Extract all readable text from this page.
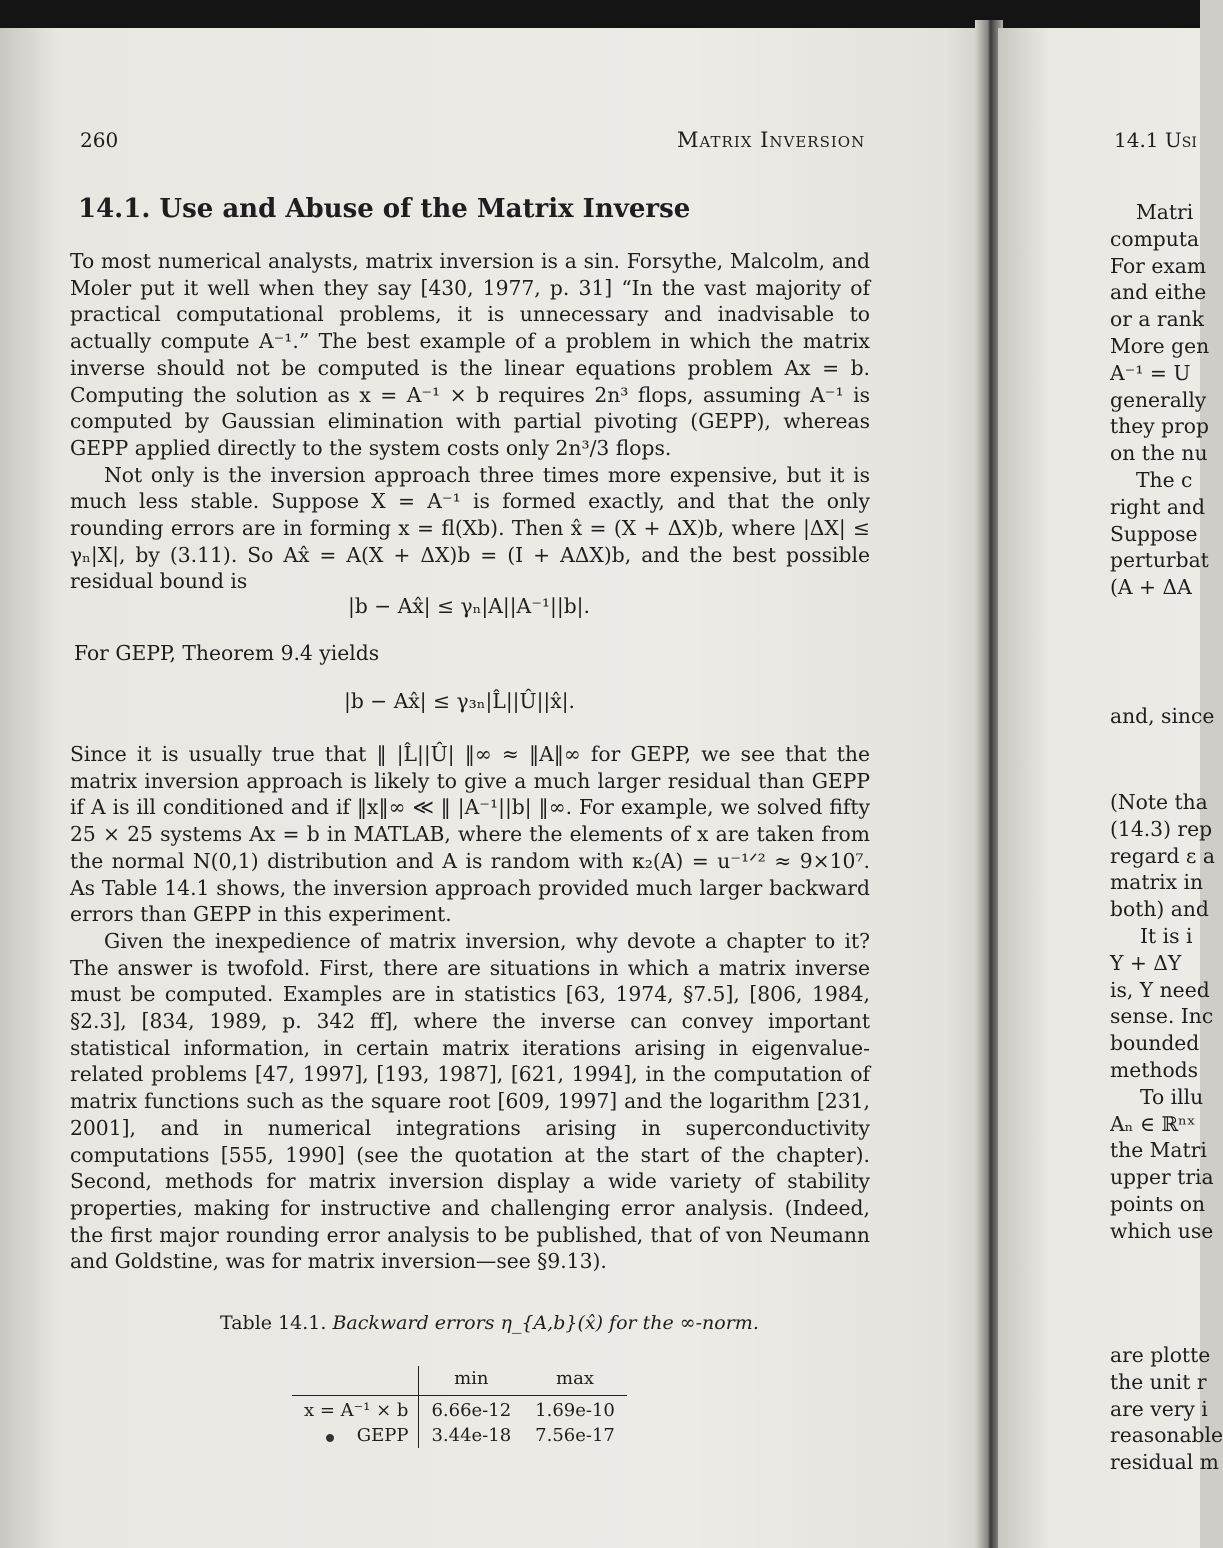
260	Matrix Inversion
14.1. Use and Abuse of the Matrix Inverse

To most numerical analysts, matrix inversion is a sin. Forsythe, Malcolm, and Moler put it well when they say [430, 1977, p. 31] “In the vast majority of practical computational problems, it is unnecessary and inadvisable to actually compute A⁻¹.” The best example of a problem in which the matrix inverse should not be computed is the linear equations problem Ax = b. Computing the solution as x = A⁻¹ × b requires 2n³ flops, assuming A⁻¹ is computed by Gaussian elimination with partial pivoting (GEPP), whereas GEPP applied directly to the system costs only 2n³/3 flops.

Not only is the inversion approach three times more expensive, but it is much less stable. Suppose X = A⁻¹ is formed exactly, and that the only rounding errors are in forming x = fl(Xb). Then x̂ = (X + ΔX)b, where |ΔX| ≤ γₙ|X|, by (3.11). So Ax̂ = A(X + ΔX)b = (I + AΔX)b, and the best possible residual bound is

|b − Ax̂| ≤ γₙ|A||A⁻¹||b|.
For GEPP, Theorem 9.4 yields
|b − Ax̂| ≤ γ₃ₙ|L̂||Û||x̂|.

Since it is usually true that ‖ |L̂||Û| ‖∞ ≈ ‖A‖∞ for GEPP, we see that the matrix inversion approach is likely to give a much larger residual than GEPP if A is ill conditioned and if ‖x‖∞ ≪ ‖ |A⁻¹||b| ‖∞. For example, we solved fifty 25 × 25 systems Ax = b in MATLAB, where the elements of x are taken from the normal N(0,1) distribution and A is random with κ₂(A) = u⁻¹ᐟ² ≈ 9×10⁷. As Table 14.1 shows, the inversion approach provided much larger backward errors than GEPP in this experiment.

Given the inexpedience of matrix inversion, why devote a chapter to it? The answer is twofold. First, there are situations in which a matrix inverse must be computed. Examples are in statistics [63, 1974, §7.5], [806, 1984, §2.3], [834, 1989, p. 342 ff], where the inverse can convey important statistical information, in certain matrix iterations arising in eigenvalue-related problems [47, 1997], [193, 1987], [621, 1994], in the computation of matrix functions such as the square root [609, 1997] and the logarithm [231, 2001], and in numerical integrations arising in superconductivity computations [555, 1990] (see the quotation at the start of the chapter). Second, methods for matrix inversion display a wide variety of stability properties, making for instructive and challenging error analysis. (Indeed, the first major rounding error analysis to be published, that of von Neumann and Goldstine, was for matrix inversion—see §9.13).

Table 14.1. Backward errors η_{A,b}(x̂) for the ∞-norm.
	min	max
x = A⁻¹ × b	6.66e-12	1.69e-10
GEPP	3.44e-18	7.56e-17
14.1 Usi
Matri
computa
For exam
and eithe
or a rank
More gen
A⁻¹ = U
generally
they prop
on the nu
The c
right and
Suppose
perturbat
(A + ΔA
and, since
(Note tha
(14.3) rep
regard ε a
matrix in
both) and
It is i
Y + ΔY
is, Y need
sense. Inc
bounded
methods
To illu
Aₙ ∈ ℝⁿˣ
the Matri
upper tria
points on
which use
are plotte
the unit r
are very i
reasonable
residual m
